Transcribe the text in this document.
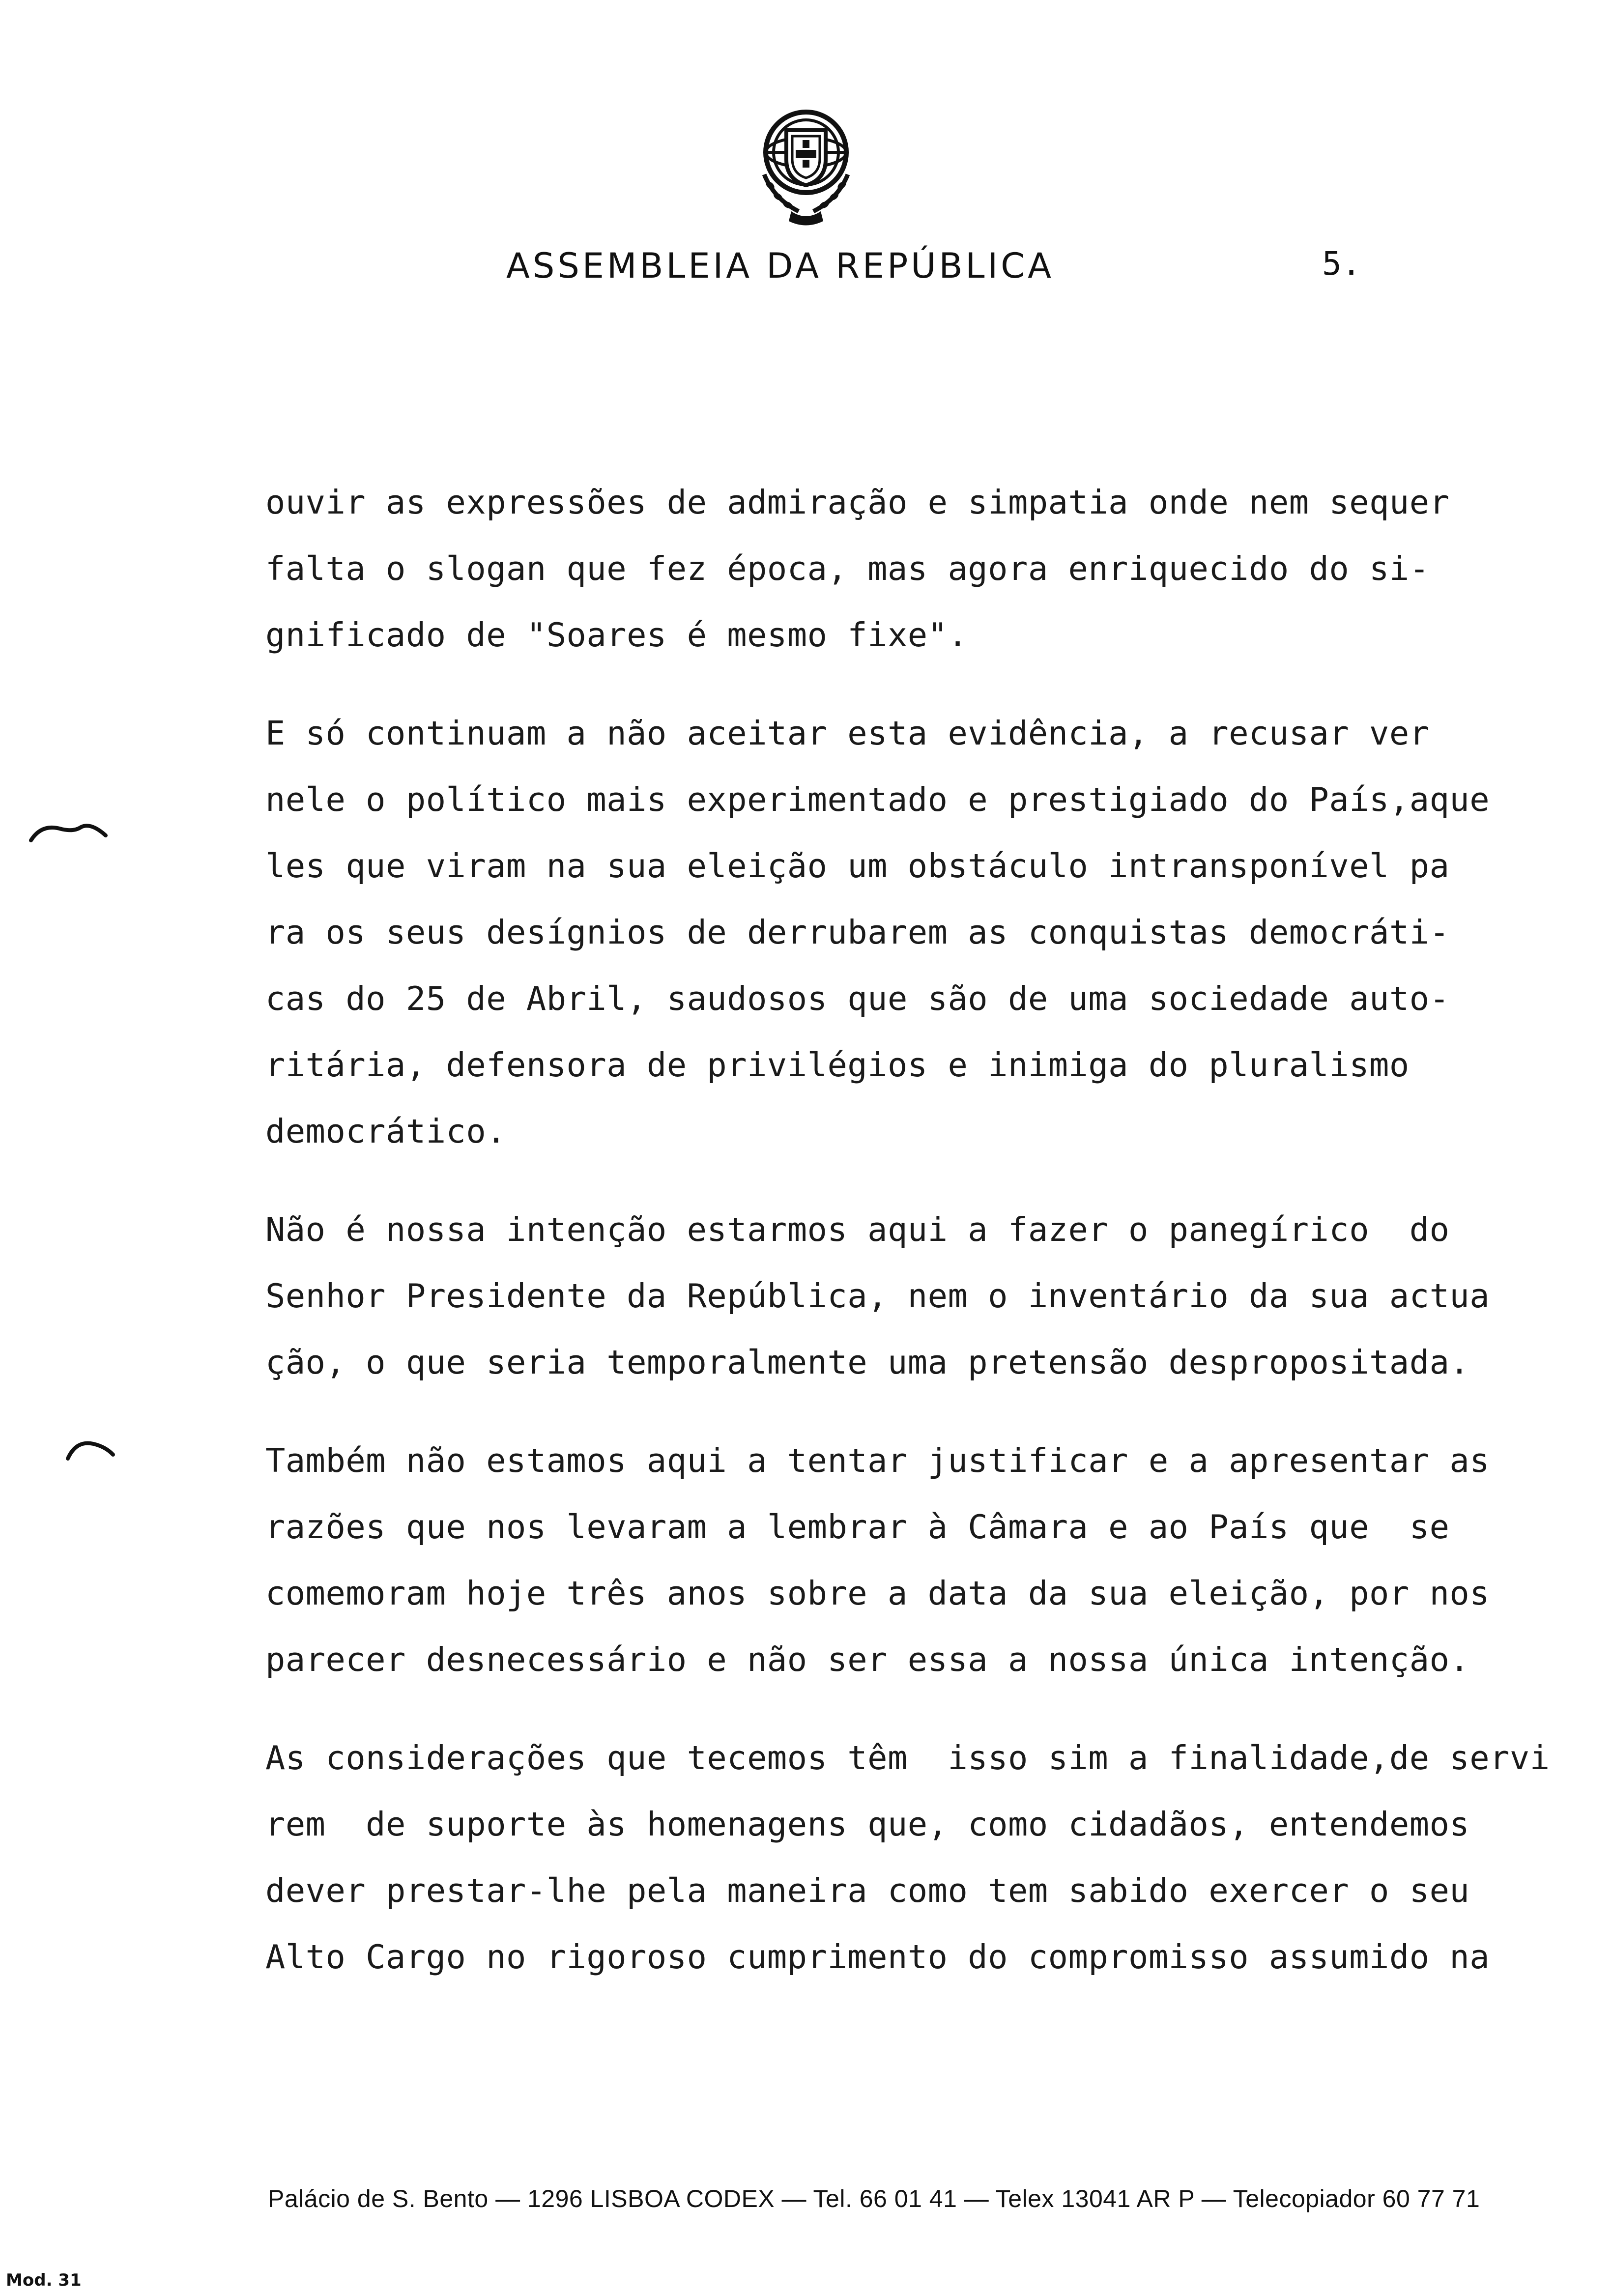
ASSEMBLEIA DA REPÚBLICA	5.
ouvir as expressões de admiração e simpatia onde nem sequer
falta o slogan que fez época, mas agora enriquecido do si-
gnificado de "Soares é mesmo fixe".
E só continuam a não aceitar esta evidência, a recusar ver
nele o político mais experimentado e prestigiado do País,aque
les que viram na sua eleição um obstáculo intransponível pa
ra os seus desígnios de derrubarem as conquistas democráti-
cas do 25 de Abril, saudosos que são de uma sociedade auto-
ritária, defensora de privilégios e inimiga do pluralismo
democrático.
Não é nossa intenção estarmos aqui a fazer o panegírico  do
Senhor Presidente da República, nem o inventário da sua actua
ção, o que seria temporalmente uma pretensão despropositada.
Também não estamos aqui a tentar justificar e a apresentar as
razões que nos levaram a lembrar à Câmara e ao País que  se
comemoram hoje três anos sobre a data da sua eleição, por nos
parecer desnecessário e não ser essa a nossa única intenção.
As considerações que tecemos têm  isso sim a finalidade,de servi
rem  de suporte às homenagens que, como cidadãos, entendemos
dever prestar-lhe pela maneira como tem sabido exercer o seu
Alto Cargo no rigoroso cumprimento do compromisso assumido na
Palácio de S. Bento — 1296 LISBOA CODEX — Tel. 66 01 41 — Telex 13041 AR P — Telecopiador 60 77 71
Mod. 31
